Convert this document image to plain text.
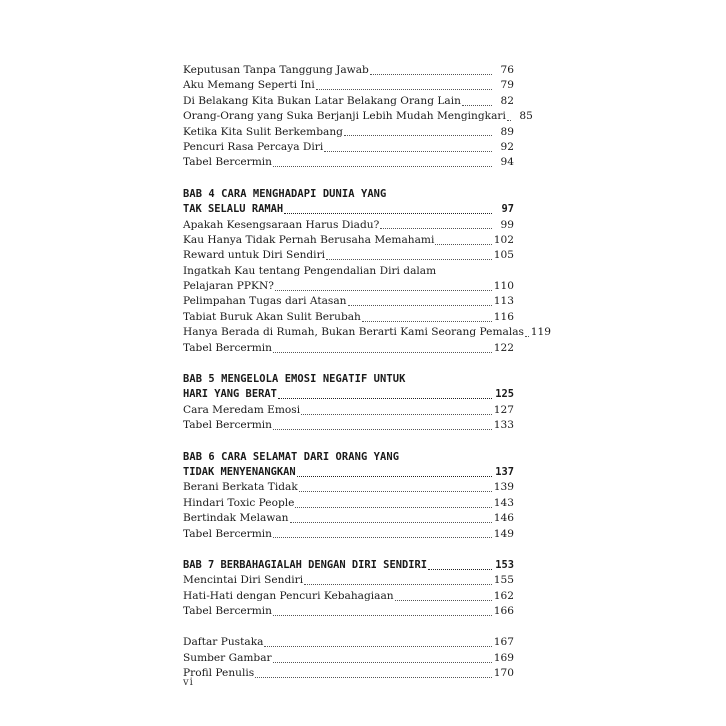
Keputusan Tanpa Tanggung Jawab	76
Aku Memang Seperti Ini	79
Di Belakang Kita Bukan Latar Belakang Orang Lain	82
Orang-Orang yang Suka Berjanji Lebih Mudah Mengingkari	85
Ketika Kita Sulit Berkembang	89
Pencuri Rasa Percaya Diri	92
Tabel Bercermin	94
BAB 4 CARA MENGHADAPI DUNIA YANG
TAK SELALU RAMAH	97
Apakah Kesengsaraan Harus Diadu?	99
Kau Hanya Tidak Pernah Berusaha Memahami	102
Reward untuk Diri Sendiri	105
Ingatkah Kau tentang Pengendalian Diri dalam
Pelajaran PPKN?	110
Pelimpahan Tugas dari Atasan	113
Tabiat Buruk Akan Sulit Berubah	116
Hanya Berada di Rumah, Bukan Berarti Kami Seorang Pemalas 119
Tabel Bercermin	122
BAB 5 MENGELOLA EMOSI NEGATIF UNTUK
HARI YANG BERAT	125
Cara Meredam Emosi	127
Tabel Bercermin	133
BAB 6 CARA SELAMAT DARI ORANG YANG
TIDAK MENYENANGKAN	137
Berani Berkata Tidak	139
Hindari Toxic People	143
Bertindak Melawan	146
Tabel Bercermin	149
BAB 7 BERBAHAGIALAH DENGAN DIRI SENDIRI	153
Mencintai Diri Sendiri	155
Hati-Hati dengan Pencuri Kebahagiaan	162
Tabel Bercermin	166
Daftar Pustaka	167
Sumber Gambar	169
Profil Penulis	170
vi
